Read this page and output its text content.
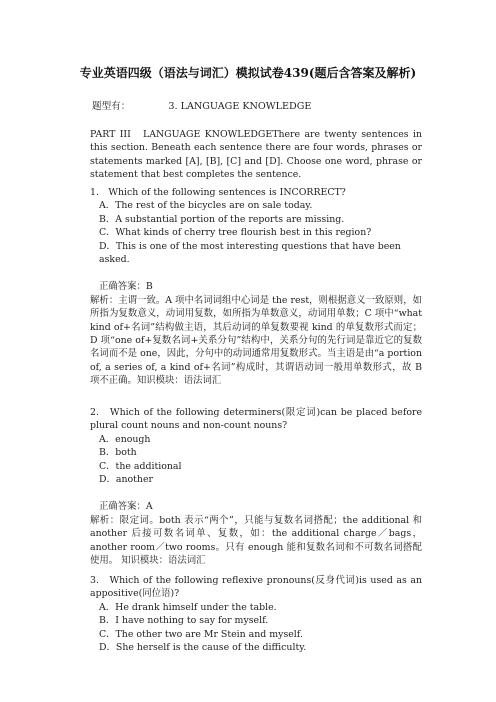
专业英语四级（语法与词汇）模拟试卷439(题后含答案及解析)
题型有：	3. LANGUAGE KNOWLEDGE
PART III　LANGUAGE KNOWLEDGEThere are twenty sentences in this section. Beneath each sentence there are four words, phrases or statements marked [A], [B], [C] and [D]. Choose one word, phrase or statement that best completes the sentence.
1.　Which of the following sentences is INCORRECT?
A．The rest of the bicycles are on sale today.
B．A substantial portion of the reports are missing.
C．What kinds of cherry tree flourish best in this region?
D．This is one of the most interesting questions that have been asked.
正确答案：B
解析：主谓一致。A 项中名词词组中心词是 the rest，则根据意义一致原则，如所指为复数意义，动词用复数，如所指为单数意义，动词用单数；C 项中“what kind of+名词”结构做主语，其后动词的单复数要视 kind 的单复数形式而定；D 项“one of+复数名词+关系分句”结构中，关系分句的先行词是靠近它的复数名词而不是 one，因此，分句中的动词通常用复数形式。当主语是由“a portion of, a series of, a kind of+名词”构成时，其谓语动词一般用单数形式，故 B 项不正确。知识模块：语法词汇
2.　Which of the following determiners(限定词)can be placed before plural count nouns and non-count nouns?
A．enough
B．both
C．the additional
D．another
正确答案：A
解析：限定词。both 表示“两个”，只能与复数名词搭配；the additional 和 another 后接可数名词单、复数，如：the additional charge／bags，another room／two rooms。只有 enough 能和复数名词和不可数名词搭配使用。 知识模块：语法词汇
3.　Which of the following reflexive pronouns(反身代词)is used as an appositive(同位语)?
A．He drank himself under the table.
B．I have nothing to say for myself.
C．The other two are Mr Stein and myself.
D．She herself is the cause of the difficulty.
